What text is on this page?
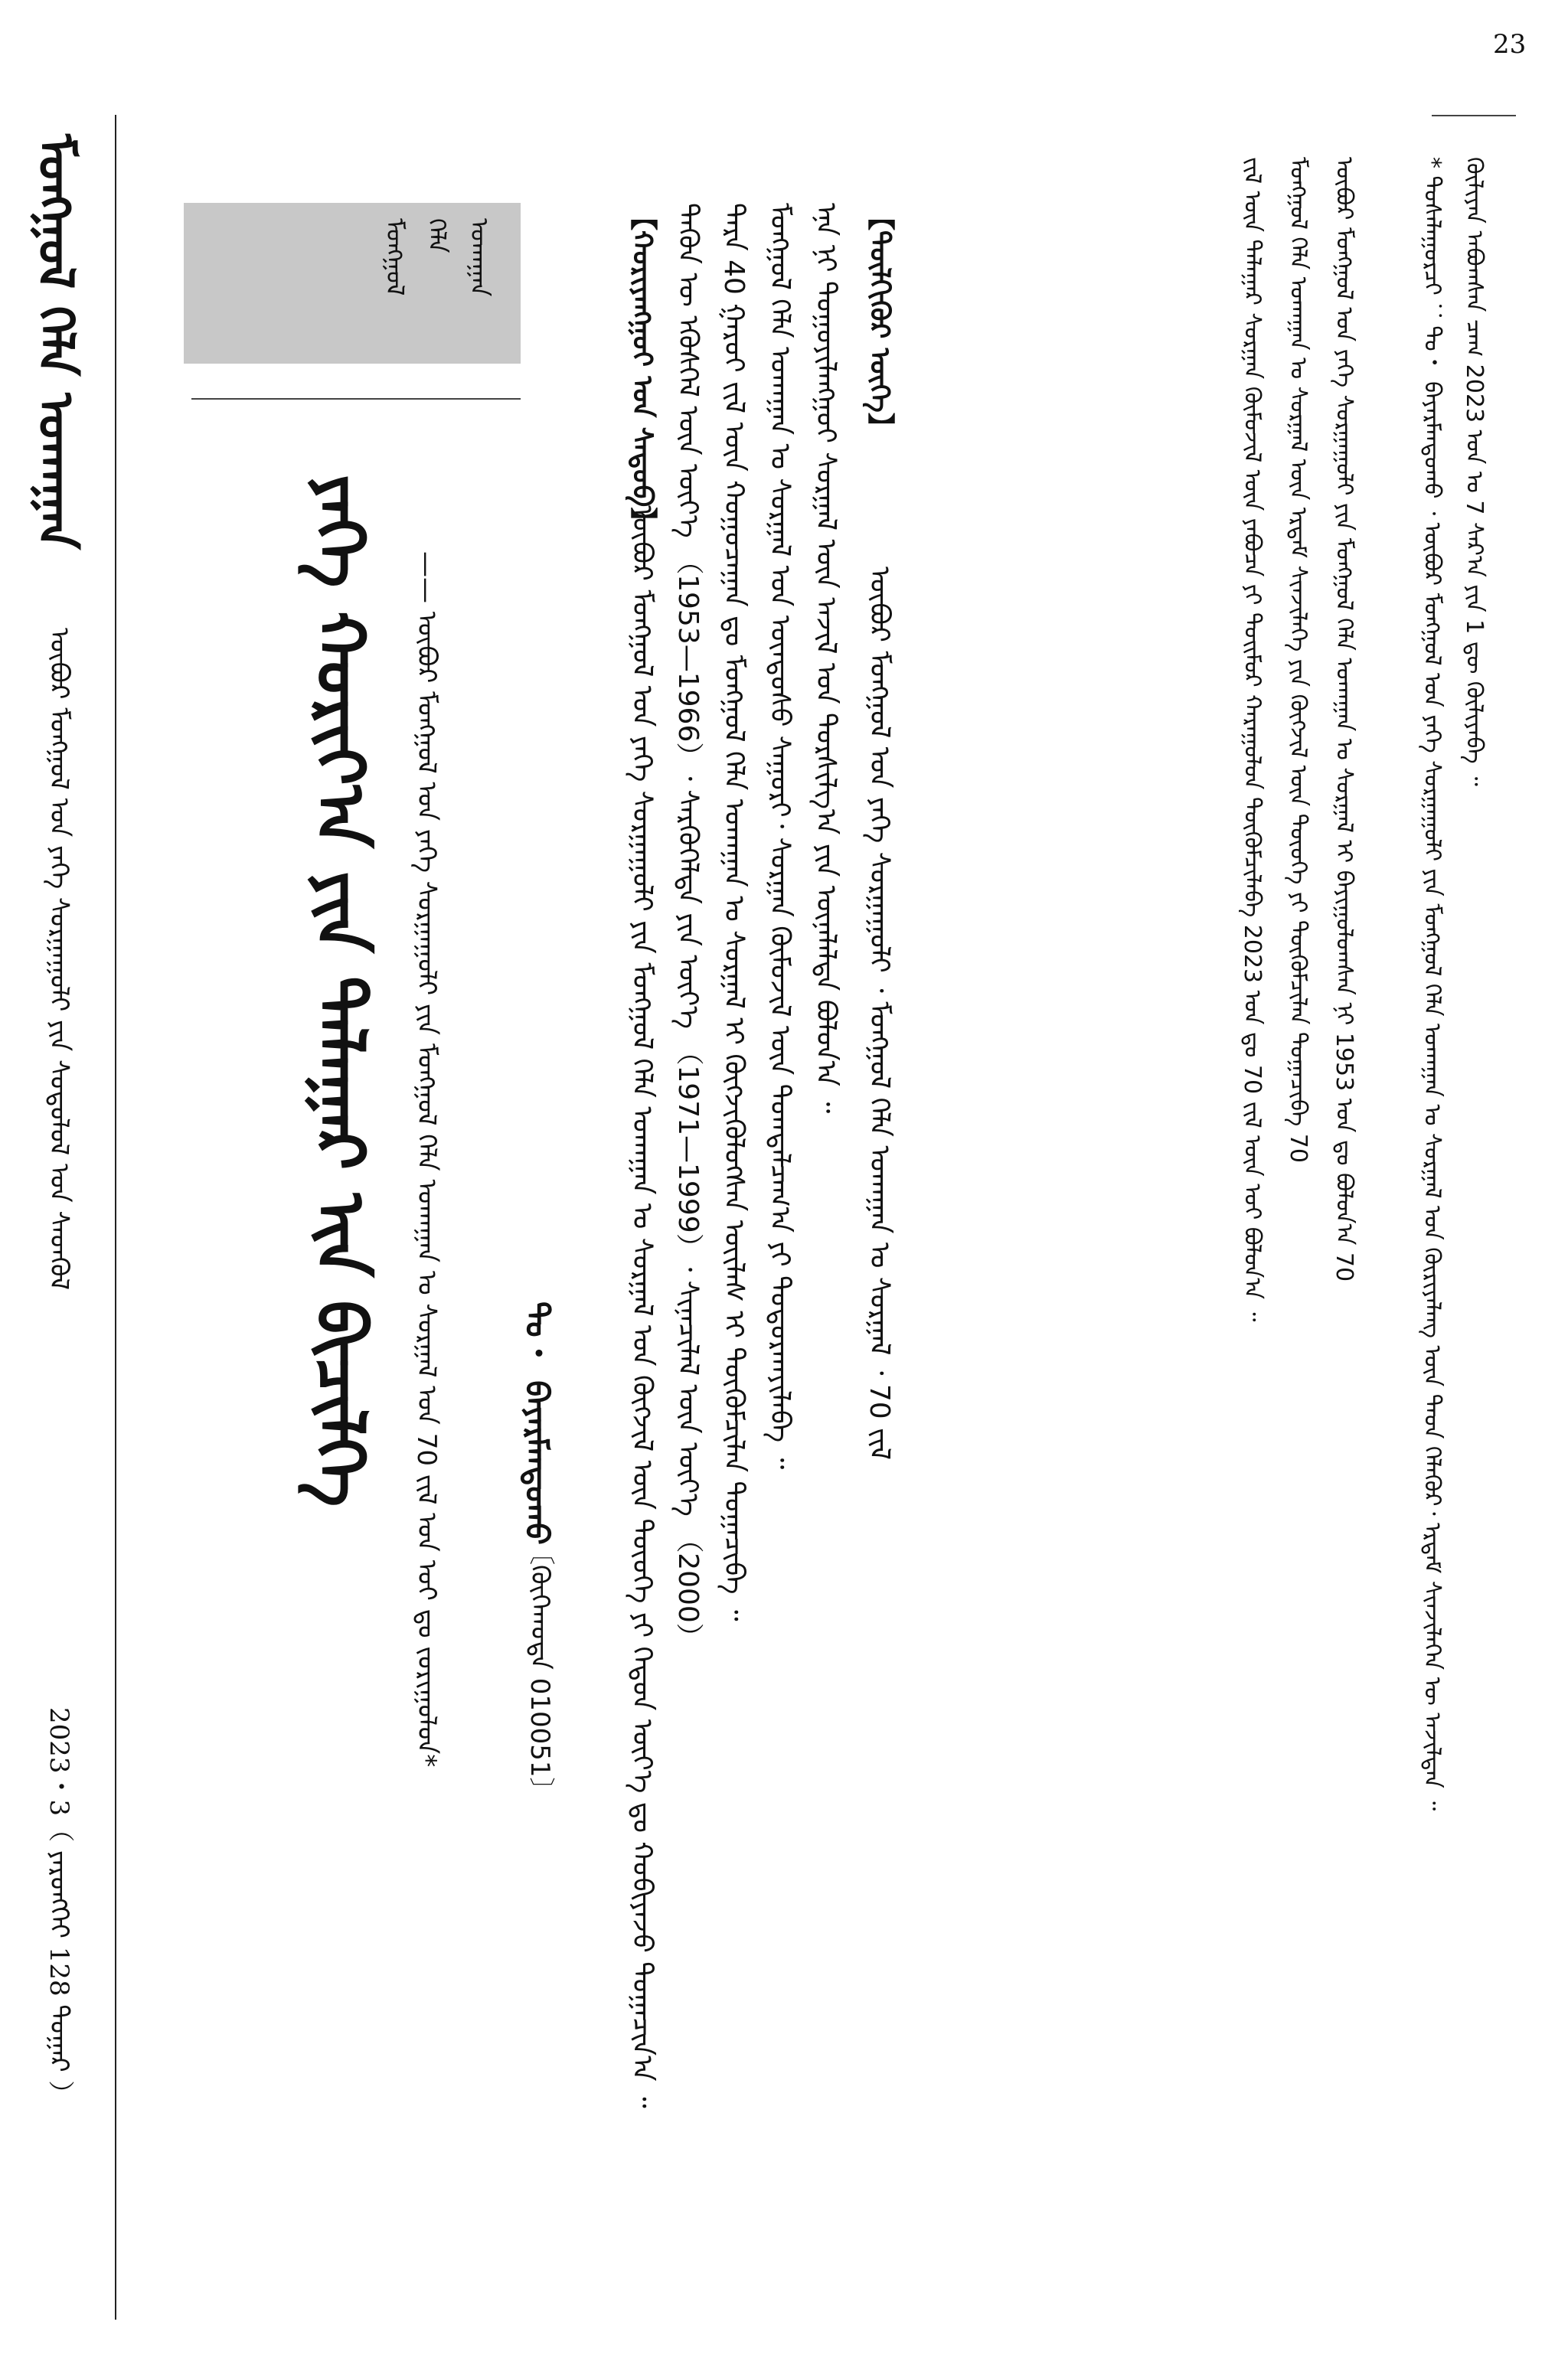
23
ᠮᠣᠩᠭᠣᠯ ᠬᠡᠯᠡ ᠤᠬᠠᠭᠠᠨ
ᠥᠪᠥᠷ ᠮᠣᠩᠭᠣᠯ ᠤᠨ ᠶᠡᠬᠡ ᠰᠤᠷᠭᠠᠭᠤᠯᠢ ᠶᠢᠨ ᠰᠤᠳᠤᠯᠤᠯ ᠤᠨ ᠰᠡᠳᠭᠦᠯ
2023・3（ ᠶᠡᠷᠦᠩᠬᠡᠢ 128 ᠳᠤᠭᠠᠷ ）
ᠮᠣᠩᠭᠣᠯ ᠬᠡᠯᠡ ᠤᠬᠠᠭᠠᠨ
ᠶᠡᠬᠡ ᠬᠣᠷᠢᠶ᠎ᠠ ᠶᠢᠨ ᠲᠠᠯᠠᠭᠠᠷ ᠢᠨ ᠪᠢᠴᠢᠯᠭᠡ —— ᠥᠪᠥᠷ ᠮᠣᠩᠭᠣᠯ ᠤᠨ ᠶᠡᠬᠡ ᠰᠤᠷᠭᠠᠭᠤᠯᠢ ᠶᠢᠨ ᠮᠣᠩᠭᠣᠯ ᠬᠡᠯᠡ ᠤᠬᠠᠭᠠᠨ ᠤ ᠰᠤᠷᠭᠠᠯ ᠤᠨ 70 ᠵᠢᠯ ᠤᠨ ᠣᠢ ᠳᠤ ᠵᠣᠷᠢᠭᠤᠯᠤᠨ* ᠲᠣ・ ᠪᠠᠶᠠᠷᠮᠠᠨᠳᠤᠬᠤ
〔ᠬᠥᠬᠡᠬᠣᠲᠠ 010051〕
【ᠬᠣᠷᠢᠶᠠᠩᠭᠤᠢ ᠤᠨ ᠰᠡᠳᠦᠪ】
ᠥᠪᠥᠷ ᠮᠣᠩᠭᠣᠯ ᠤᠨ ᠶᠡᠬᠡ ᠰᠤᠷᠭᠠᠭᠤᠯᠢ ᠶᠢᠨ ᠮᠣᠩᠭᠣᠯ ᠬᠡᠯᠡ ᠤᠬᠠᠭᠠᠨ ᠤ ᠰᠤᠷᠭᠠᠯ ᠤᠨ ᠬᠥᠭᠵᠢᠯ ᠦᠨ ᠲᠦᠦᠬᠡ ᠶᠢ ᠬᠡᠳᠦᠨ ᠦᠶ᠎ᠡ ᠳᠤ ᠬᠤᠪᠢᠶᠠᠵᠤ ᠲᠣᠭᠠᠴᠢᠨ᠎ᠠ ᠃ ᠲᠡᠭᠦᠨ ᠦ ᠡᠭᠦᠰᠬᠡᠯ ᠦᠨ ᠦᠶ᠎ᠡ （1953—1966）᠂ ᠰᠡᠷᠭᠦᠭᠡᠯᠲᠡ ᠶᠢᠨ ᠦᠶ᠎ᠡ （1971—1999）᠂ ᠱᠢᠨᠡᠴᠢᠯᠡᠯ ᠦᠨ ᠦᠶ᠎ᠡ （2000） ᠲᠡᠷᠡ 40 ᠭᠠᠷᠤᠢ ᠵᠢᠯ ᠦᠨ ᠬᠤᠭᠤᠴᠠᠭᠠᠨ ᠳᠤ ᠮᠣᠩᠭᠣᠯ ᠬᠡᠯᠡ ᠤᠬᠠᠭᠠᠨ ᠤ ᠰᠤᠷᠭᠠᠯ ᠢ ᠬᠥᠭᠵᠢᠭᠦᠯᠦᠭᠰᠡᠨ ᠦᠢᠯᠡᠰ ᠢ ᠳᠦᠭᠦᠮᠴᠢᠯᠡᠨ ᠲᠣᠭᠠᠴᠢᠪᠠ ᠃ ᠮᠣᠩᠭᠣᠯ ᠬᠡᠯᠡ ᠤᠬᠠᠭᠠᠨ ᠤ ᠰᠤᠷᠭᠠᠯ ᠤᠨ ᠦᠨᠳᠦᠰᠦ ᠰᠠᠭᠤᠷᠢ᠂ ᠰᠤᠷᠭᠠᠨ ᠬᠦᠮᠦᠵᠢᠯ ᠦᠨ ᠲᠣᠭᠲᠠᠯᠴᠠᠭ᠎ᠠ ᠶᠢ ᠲᠣᠳᠤᠷᠬᠠᠶᠢᠯᠠᠪᠠ ᠃ ᠡᠨᠡ ᠨᠢ ᠳᠤᠭᠤᠶᠢᠯᠠᠩᠭᠤᠢ ᠰᠤᠷᠭᠠᠯ ᠦᠨ ᠠᠵᠢᠯ ᠤᠨ ᠲᠤᠷᠰᠢᠯᠭ᠎ᠠ ᠶᠢᠨ ᠦᠨᠡᠯᠡᠯᠲᠡ ᠪᠣᠯᠤᠨ᠎ᠠ ᠃ 【ᠲᠦᠯᠬᠢᠭᠦᠷ ᠦᠭᠡ】
ᠥᠪᠥᠷ ᠮᠣᠩᠭᠣᠯ ᠤᠨ ᠶᠡᠬᠡ ᠰᠤᠷᠭᠠᠭᠤᠯᠢ ᠂ ᠮᠣᠩᠭᠣᠯ ᠬᠡᠯᠡ ᠤᠬᠠᠭᠠᠨ ᠤ ᠰᠤᠷᠭᠠᠯ ᠂ 70 ᠵᠢᠯ
ᠬᠦᠯᠢᠶᠡᠨ ᠠᠪᠤᠭᠰᠠᠨ ᠴᠠᠭ 2023 ᠣᠨ ᠤ 7 ᠰᠠᠷ᠎ᠠ ᠶᠢᠨ 1 ᠳᠦ ᠬᠦᠯᠢᠶᠡᠪᠡ ᠃
* ᠲᠤᠰᠠᠯᠠᠭᠤᠷᠴᠢ ：ᠲᠣ・ ᠪᠠᠶᠠᠷᠮᠠᠨᠳᠤᠬᠤ ᠂ ᠥᠪᠥᠷ ᠮᠣᠩᠭᠣᠯ ᠤᠨ ᠶᠡᠬᠡ ᠰᠤᠷᠭᠠᠭᠤᠯᠢ ᠶᠢᠨ ᠮᠣᠩᠭᠣᠯ ᠬᠡᠯᠡ ᠤᠬᠠᠭᠠᠨ ᠤ ᠰᠤᠷᠭᠠᠯ ᠤᠨ ᠬᠦᠷᠢᠶᠡᠯᠡᠩ ᠦᠨ ᠳᠡᠳ ᠬᠡᠯᠡᠬᠦᠷ᠂ ᠡᠷᠳᠡᠮ ᠰᠢᠨᠵᠢᠯᠡᠭᠡᠨ ᠦ ᠠᠵᠢᠯᠲᠠᠨ ᠃
ᠥᠪᠥᠷ ᠮᠣᠩᠭᠣᠯ ᠤᠨ ᠶᠡᠬᠡ ᠰᠤᠷᠭᠠᠭᠤᠯᠢ ᠶᠢᠨ ᠮᠣᠩᠭᠣᠯ ᠬᠡᠯᠡ ᠤᠬᠠᠭᠠᠨ ᠤ ᠰᠤᠷᠭᠠᠯ ᠢ ᠪᠠᠶᠢᠭᠤᠯᠤᠭᠰᠠᠨ ᠨᠢ 1953 ᠣᠨ ᠳᠤ ᠪᠣᠯᠤᠨ᠎ᠠ 70
ᠮᠣᠩᠭᠣᠯ ᠬᠡᠯᠡ ᠤᠬᠠᠭᠠᠨ ᠤ ᠰᠤᠷᠭᠠᠯ ᠦᠨ ᠡᠷᠳᠡᠮ ᠰᠢᠨᠵᠢᠯᠡᠭᠡ ᠶᠢᠨ ᠬᠥᠭᠵᠢᠯ ᠦᠨ ᠲᠦᠦᠬᠡ ᠶᠢ ᠳᠦᠭᠦᠮᠴᠢᠯᠡᠨ ᠲᠣᠭᠠᠴᠢᠪᠠ 70
ᠵᠢᠯ ᠦᠨ ᠲᠠᠯᠠᠭᠠᠷ ᠰᠤᠷᠭᠠᠨ ᠬᠦᠮᠦᠵᠢᠯ ᠦᠨ ᠶᠠᠪᠤᠴᠠ ᠶᠢ ᠲᠣᠢᠮᠣᠷ ᠬᠠᠷᠠᠭᠤᠯᠤᠨ ᠳᠦᠭᠦᠮᠴᠢᠯᠡᠪᠡ 2023 ᠣᠨ ᠳᠤ 70 ᠵᠢᠯ ᠦᠨ ᠣᠢ ᠪᠣᠯᠤᠨ᠎ᠠ ᠃
